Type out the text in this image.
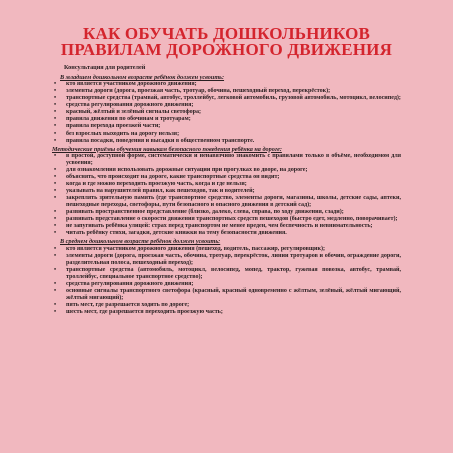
КАК ОБУЧАТЬ ДОШКОЛЬНИКОВ ПРАВИЛАМ ДОРОЖНОГО ДВИЖЕНИЯ
Консультация для родителей
В младшем дошкольном возрасте ребёнок должен усвоить:
• кто является участником дорожного движения;
• элементы дороги (дорога, проезжая часть, тротуар, обочина, пешеходный переход, перекрёсток);
• транспортные средства (трамвай, автобус, троллейбус, легковой автомобиль, грузовой автомобиль, мотоцикл, велосипед);
• средства регулирования дорожного движения;
• красный, жёлтый и зелёный сигналы светофора;
• правила движения по обочинам и тротуарам;
• правила перехода проезжей части;
• без взрослых выходить на дорогу нельзя;
• правила посадки, поведения и высадки в общественном транспорте.
Методические приёмы обучения навыкам безопасного поведения ребёнка на дороге:
• в простой, доступной форме, систематически и ненавязчиво знакомить с правилами только в объёме, необходимом для усвоения;
• для ознакомления использовать дорожные ситуации при прогулках во дворе, на дороге;
• объяснять, что происходит на дороге, какие транспортные средства он видит;
• когда и где можно переходить проезжую часть, когда и где нельзя;
• указывать на нарушителей правил, как пешеходов, так и водителей;
• закреплять зрительную память (где транспортное средство, элементы дороги, магазины, школы, детские сады, аптеки, пешеходные переходы, светофоры, пути безопасного и опасного движения в детский сад);
• развивать пространственное представление (близко, далеко, слева, справа, по ходу движения, сзади);
• развивать представление о скорости движения транспортных средств пешеходов (быстро едет, медленно, поворачивает);
• не запугивать ребёнка улицей: страх перед транспортом не менее вреден, чем беспечность и невнимательность;
• читать ребёнку стихи, загадки, детские книжки на тему безопасности движения.
В среднем дошкольном возрасте ребёнок должен усвоить:
• кто является участником дорожного движения (пешеход, водитель, пассажир, регулировщик);
• элементы дороги (дорога, проезжая часть, обочина, тротуар, перекрёсток, линии тротуаров и обочин, ограждение дороги, разделительная полоса, пешеходный переход);
• транспортные средства (автомобиль, мотоцикл, велосипед, мопед, трактор, гужевая повозка, автобус, трамвай, троллейбус, специальное транспортное средство);
• средства регулирования дорожного движения;
• основные сигналы транспортного светофора (красный, красный одновременно с жёлтым, зелёный, жёлтый мигающий, жёлтый мигающий);
• пять мест, где разрешается ходить по дороге;
• шесть мест, где разрешается переходить проезжую часть;
